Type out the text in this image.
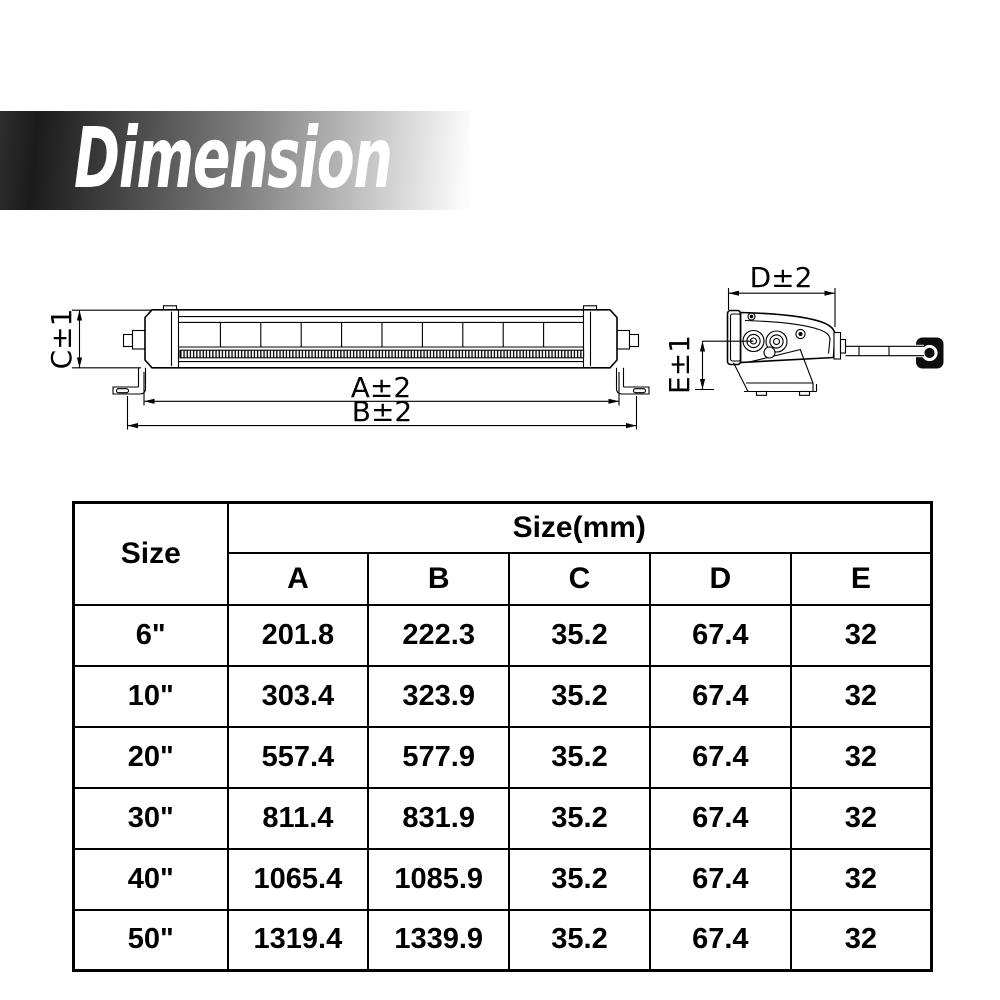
Dimension
C±1
A±2
B±2
D±2
E±1
Size	Size(mm)				
	A	B	C	D	E
6"	201.8	222.3	35.2	67.4	32
10"	303.4	323.9	35.2	67.4	32
20"	557.4	577.9	35.2	67.4	32
30"	811.4	831.9	35.2	67.4	32
40"	1065.4	1085.9	35.2	67.4	32
50"	1319.4	1339.9	35.2	67.4	32
